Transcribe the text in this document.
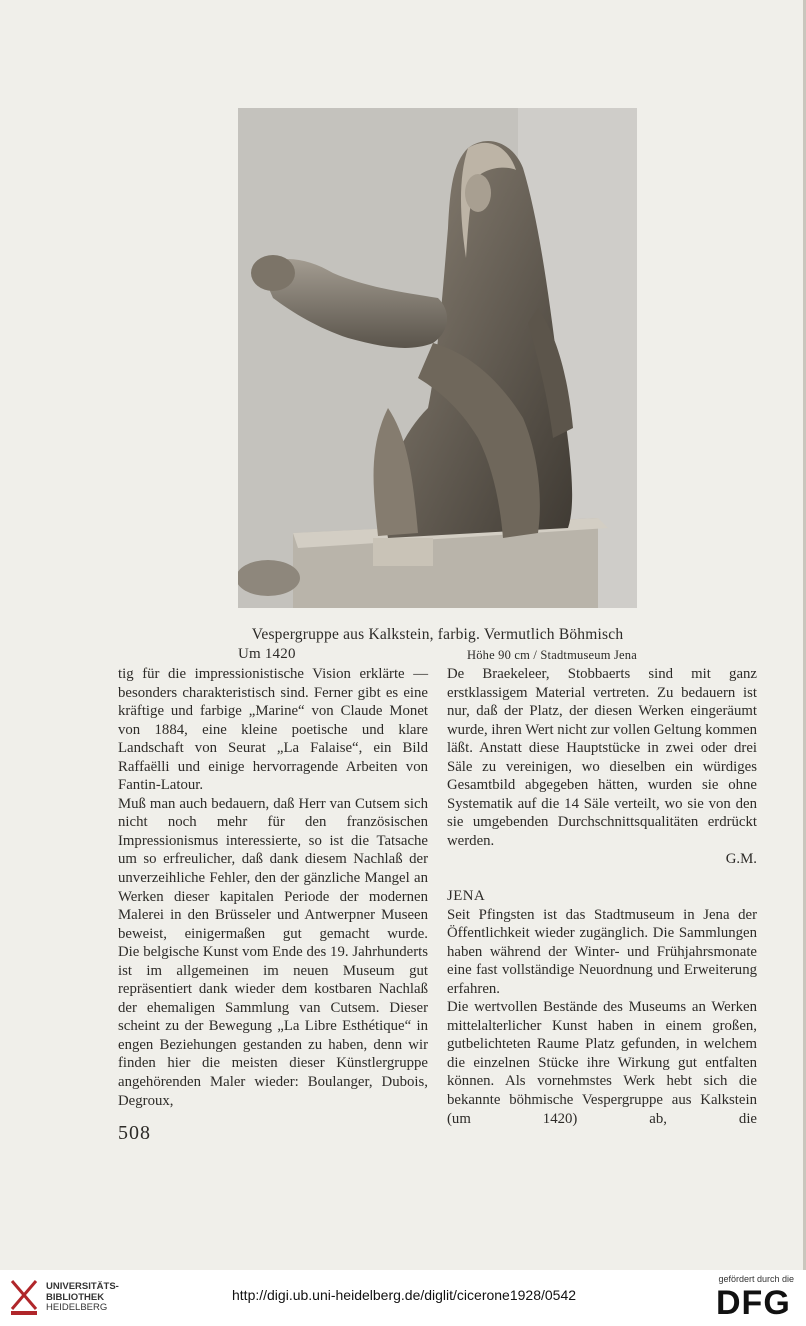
Vespergruppe aus Kalkstein, farbig. Vermutlich Böhmisch
Um 1420	Höhe 90 cm / Stadtmuseum Jena

tig für die impressionistische Vision erklärte — besonders charakteristisch sind. Ferner gibt es eine kräftige und farbige „Marine“ von Claude Monet von 1884, eine kleine poetische und klare Landschaft von Seurat „La Falaise“, ein Bild Raffaëlli und einige hervorragende Arbeiten von Fantin-Latour.

Muß man auch bedauern, daß Herr van Cutsem sich nicht noch mehr für den französischen Impressionismus interessierte, so ist die Tatsache um so erfreulicher, daß dank diesem Nachlaß der unverzeihliche Fehler, den der gänzliche Mangel an Werken dieser kapitalen Periode der modernen Malerei in den Brüsseler und Antwerpner Museen beweist, einigermaßen gut gemacht wurde.

Die belgische Kunst vom Ende des 19. Jahrhunderts ist im allgemeinen im neuen Museum gut repräsentiert dank wieder dem kostbaren Nachlaß der ehemaligen Sammlung van Cutsem. Dieser scheint zu der Bewegung „La Libre Esthétique“ in engen Beziehungen gestanden zu haben, denn wir finden hier die meisten dieser Künstlergruppe angehörenden Maler wieder: Boulanger, Dubois, Degroux,

De Braekeleer, Stobbaerts sind mit ganz erstklassigem Material vertreten. Zu bedauern ist nur, daß der Platz, der diesen Werken eingeräumt wurde, ihren Wert nicht zur vollen Geltung kommen läßt. Anstatt diese Hauptstücke in zwei oder drei Säle zu vereinigen, wo dieselben ein würdiges Gesamtbild abgegeben hätten, wurden sie ohne Systematik auf die 14 Säle verteilt, wo sie von den sie umgebenden Durchschnittsqualitäten erdrückt werden.

G.M.

JENA

Seit Pfingsten ist das Stadtmuseum in Jena der Öffentlichkeit wieder zugänglich. Die Sammlungen haben während der Winter- und Frühjahrsmonate eine fast vollständige Neuordnung und Erweiterung erfahren.

Die wertvollen Bestände des Museums an Werken mittelalterlicher Kunst haben in einem großen, gutbelichteten Raume Platz gefunden, in welchem die einzelnen Stücke ihre Wirkung gut entfalten können. Als vornehmstes Werk hebt sich die bekannte böhmische Vespergruppe aus Kalkstein (um 1420) ab, die

508
UNIVERSITÄTS-
BIBLIOTHEK
HEIDELBERG
http://digi.ub.uni-heidelberg.de/diglit/cicerone1928/0542
gefördert durch die
DFG
